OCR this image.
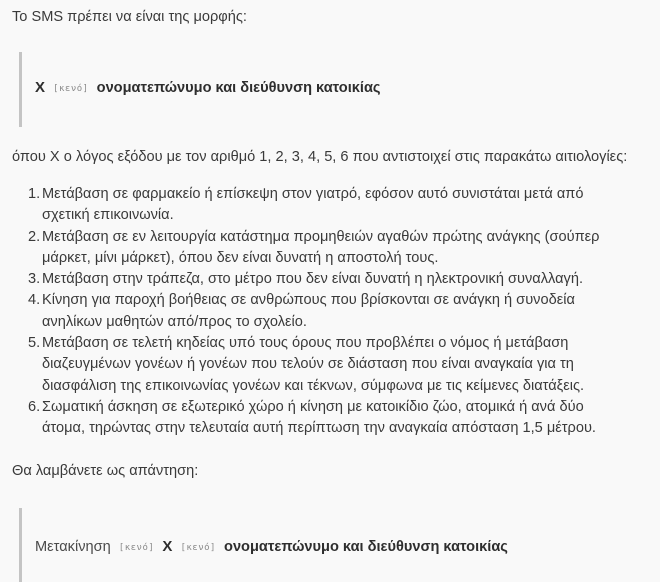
Το SMS πρέπει να είναι της μορφής:

Χ [κενό] ονοματεπώνυμο και διεύθυνση κατοικίας

όπου Χ ο λόγος εξόδου με τον αριθμό 1, 2, 3, 4, 5, 6 που αντιστοιχεί στις παρακάτω αιτιολογίες:

1. Μετάβαση σε φαρμακείο ή επίσκεψη στον γιατρό, εφόσον αυτό συνιστάται μετά από
σχετική επικοινωνία.
2. Μετάβαση σε εν λειτουργία κατάστημα προμηθειών αγαθών πρώτης ανάγκης (σούπερ
μάρκετ, μίνι μάρκετ), όπου δεν είναι δυνατή η αποστολή τους.
3. Μετάβαση στην τράπεζα, στο μέτρο που δεν είναι δυνατή η ηλεκτρονική συναλλαγή.
4. Κίνηση για παροχή βοήθειας σε ανθρώπους που βρίσκονται σε ανάγκη ή συνοδεία
ανηλίκων μαθητών από/προς το σχολείο.
5. Μετάβαση σε τελετή κηδείας υπό τους όρους που προβλέπει ο νόμος ή μετάβαση
διαζευγμένων γονέων ή γονέων που τελούν σε διάσταση που είναι αναγκαία για τη
διασφάλιση της επικοινωνίας γονέων και τέκνων, σύμφωνα με τις κείμενες διατάξεις.
6. Σωματική άσκηση σε εξωτερικό χώρο ή κίνηση με κατοικίδιο ζώο, ατομικά ή ανά δύο
άτομα, τηρώντας στην τελευταία αυτή περίπτωση την αναγκαία απόσταση 1,5 μέτρου.

Θα λαμβάνετε ως απάντηση:

Μετακίνηση [κενό] Χ [κενό] ονοματεπώνυμο και διεύθυνση κατοικίας
